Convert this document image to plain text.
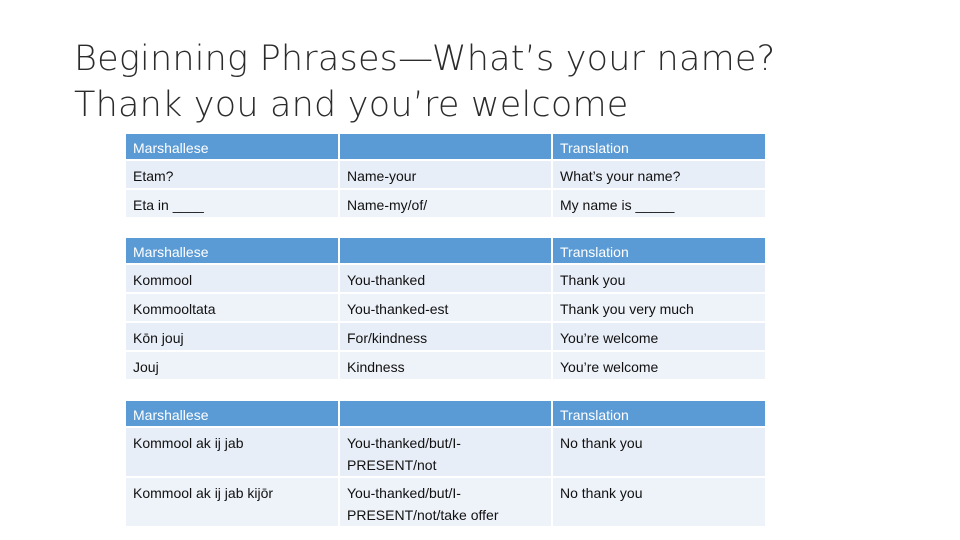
Beginning Phrases—What’s your name?
Thank you and you’re welcome
Marshallese		Translation
Etam?	Name-your	What’s your name?
Eta in ____	Name-my/of/	My name is _____
Marshallese		Translation
Kommool	You-thanked	Thank you
Kommooltata	You-thanked-est	Thank you very much
Kōn jouj	For/kindness	You’re welcome
Jouj	Kindness	You’re welcome
Marshallese		Translation
Kommool ak ij jab	You-thanked/but/I-PRESENT/not	No thank you
Kommool ak ij jab kijōr	You-thanked/but/I-PRESENT/not/take offer	No thank you
